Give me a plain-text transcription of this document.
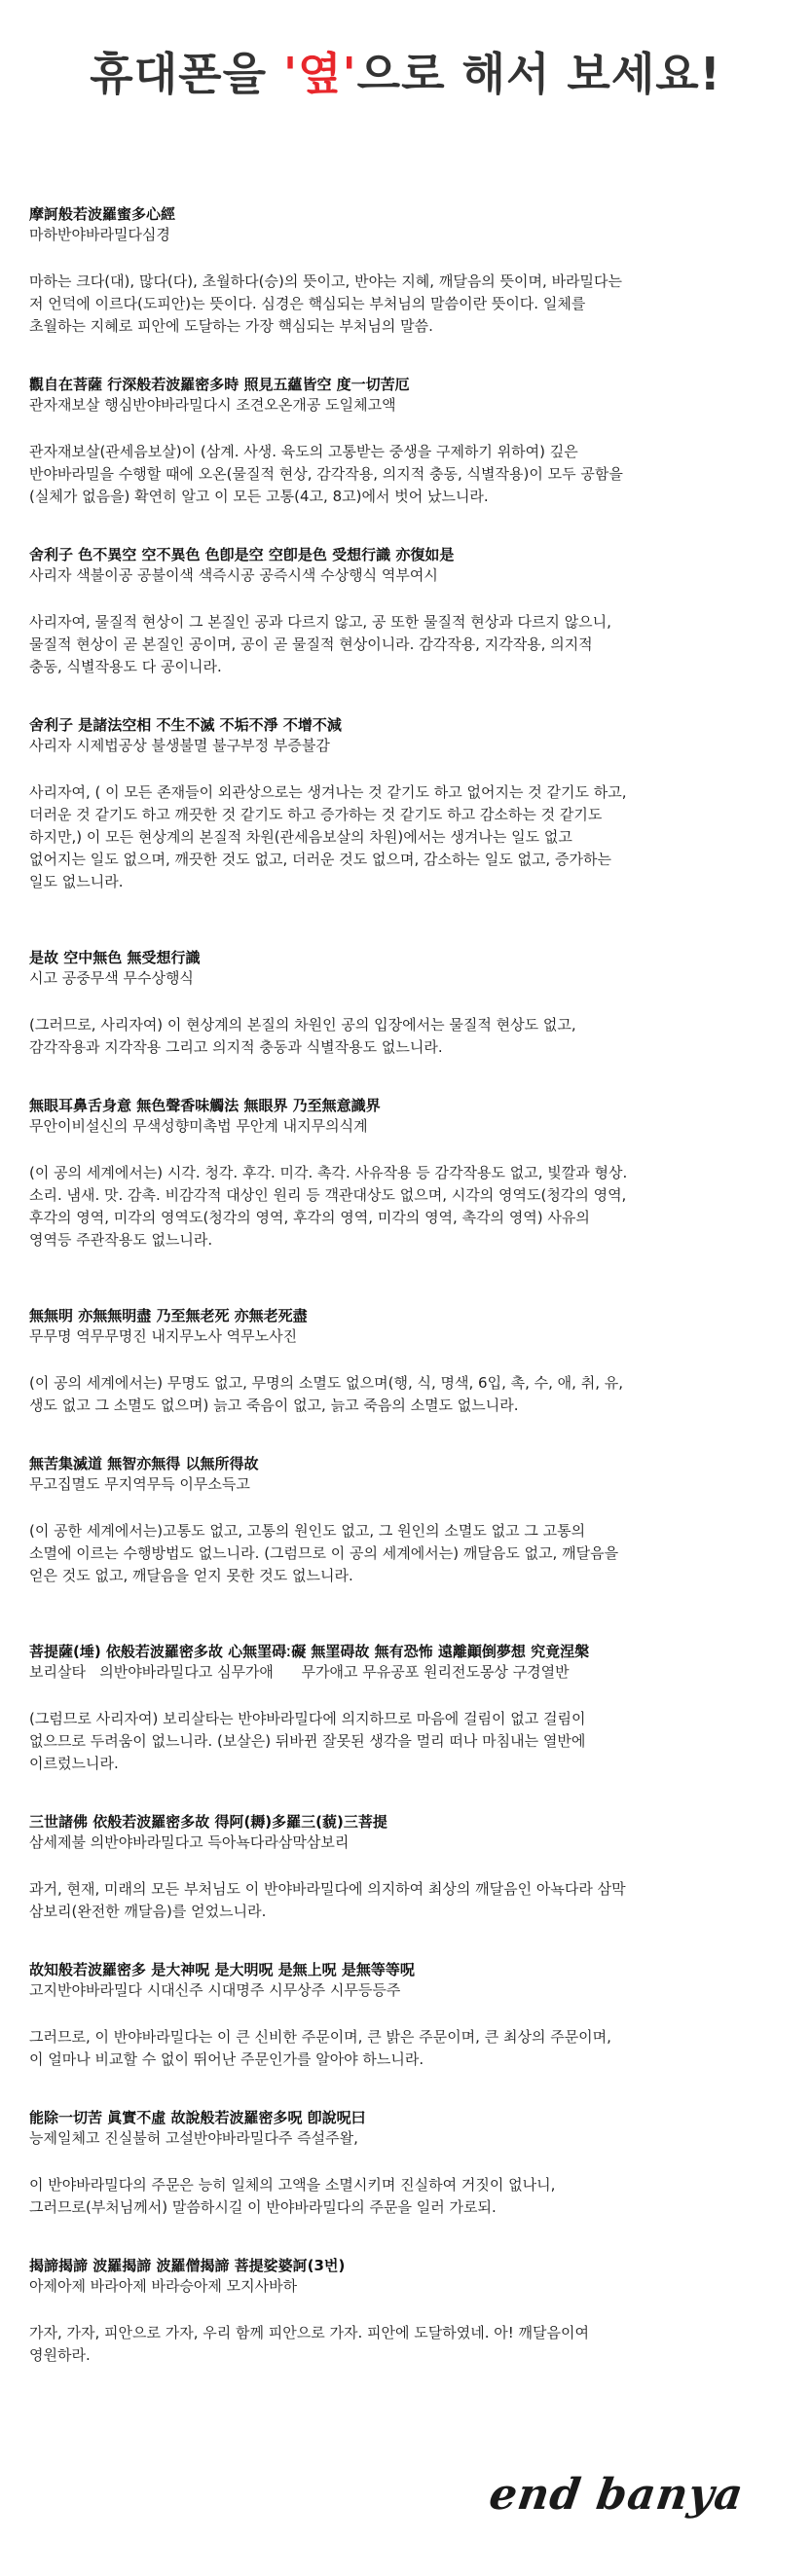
휴대폰을 '옆'으로 해서 보세요!
摩訶般若波羅蜜多心經
마하반야바라밀다심경

마하는 크다(대), 많다(다), 초월하다(승)의 뜻이고, 반야는 지혜, 깨달음의 뜻이며, 바라밀다는

저 언덕에 이르다(도피안)는 뜻이다. 심경은 핵심되는 부처님의 말씀이란 뜻이다. 일체를

초월하는 지혜로 피안에 도달하는 가장 핵심되는 부처님의 말씀.

觀自在菩薩 行深般若波羅密多時 照見五蘊皆空 度一切苦厄
관자재보살 행심반야바라밀다시 조견오온개공 도일체고액

관자재보살(관세음보살)이 (삼계. 사생. 육도의 고통받는 중생을 구제하기 위하여) 깊은

반야바라밀을 수행할 때에 오온(물질적 현상, 감각작용, 의지적 충동, 식별작용)이 모두 공함을

(실체가 없음을) 확연히 알고 이 모든 고통(4고, 8고)에서 벗어 났느니라.

舍利子 色不異空 空不異色 色卽是空 空卽是色 受想行識 亦復如是
사리자 색불이공 공불이색 색즉시공 공즉시색 수상행식 역부여시

사리자여, 물질적 현상이 그 본질인 공과 다르지 않고, 공 또한 물질적 현상과 다르지 않으니,

물질적 현상이 곧 본질인 공이며, 공이 곧 물질적 현상이니라. 감각작용, 지각작용, 의지적

충동, 식별작용도 다 공이니라.

舍利子 是諸法空相 不生不滅 不垢不淨 不增不減
사리자 시제법공상 불생불멸 불구부정 부증불감

사리자여, ( 이 모든 존재들이 외관상으로는 생겨나는 것 같기도 하고 없어지는 것 같기도 하고,

더러운 것 같기도 하고 깨끗한 것 같기도 하고 증가하는 것 같기도 하고 감소하는 것 같기도

하지만,) 이 모든 현상계의 본질적 차원(관세음보살의 차원)에서는 생겨나는 일도 없고

없어지는 일도 없으며, 깨끗한 것도 없고, 더러운 것도 없으며, 감소하는 일도 없고, 증가하는

일도 없느니라.

是故 空中無色 無受想行識
시고 공중무색 무수상행식

(그러므로, 사리자여) 이 현상계의 본질의 차원인 공의 입장에서는 물질적 현상도 없고,

감각작용과 지각작용 그리고 의지적 충동과 식별작용도 없느니라.

無眼耳鼻舌身意 無色聲香味觸法 無眼界 乃至無意識界
무안이비설신의 무색성향미촉법 무안계 내지무의식계

(이 공의 세계에서는) 시각. 청각. 후각. 미각. 촉각. 사유작용 등 감각작용도 없고, 빛깔과 형상.

소리. 냄새. 맛. 감촉. 비감각적 대상인 원리 등 객관대상도 없으며, 시각의 영역도(청각의 영역,

후각의 영역, 미각의 영역도(청각의 영역, 후각의 영역, 미각의 영역, 촉각의 영역) 사유의

영역등 주관작용도 없느니라.

無無明 亦無無明盡 乃至無老死 亦無老死盡
무무명 역무무명진 내지무노사 역무노사진

(이 공의 세계에서는) 무명도 없고, 무명의 소멸도 없으며(행, 식, 명색, 6입, 촉, 수, 애, 취, 유,

생도 없고 그 소멸도 없으며) 늙고 죽음이 없고, 늙고 죽음의 소멸도 없느니라.

無苦集滅道 無智亦無得 以無所得故
무고집멸도 무지역무득 이무소득고

(이 공한 세계에서는)고통도 없고, 고통의 원인도 없고, 그 원인의 소멸도 없고 그 고통의

소멸에 이르는 수행방법도 없느니라. (그럼므로 이 공의 세계에서는) 깨달음도 없고, 깨달음을

얻은 것도 없고, 깨달음을 얻지 못한 것도 없느니라.

菩提薩(埵) 依般若波羅密多故 心無罣碍ː礙 無罣碍故 無有恐怖 遠離顚倒夢想 究竟涅槃
보리살타   의반야바라밀다고 심무가애      무가애고 무유공포 원리전도몽상 구경열반

(그럼므로 사리자여) 보리살타는 반야바라밀다에 의지하므로 마음에 걸림이 없고 걸림이

없으므로 두려움이 없느니라. (보살은) 뒤바뀐 잘못된 생각을 멀리 떠나 마침내는 열반에

이르렀느니라.

三世諸佛 依般若波羅密多故 得阿(耨)多羅三(藐)三菩提
삼세제불 의반야바라밀다고 득아뇩다라삼막삼보리

과거, 현재, 미래의 모든 부처님도 이 반야바라밀다에 의지하여 최상의 깨달음인 아뇩다라 삼막

삼보리(완전한 깨달음)를 얻었느니라.

故知般若波羅密多 是大神呪 是大明呪 是無上呪 是無等等呪
고지반야바라밀다 시대신주 시대명주 시무상주 시무등등주

그러므로, 이 반야바라밀다는 이 큰 신비한 주문이며, 큰 밝은 주문이며, 큰 최상의 주문이며,

이 얼마나 비교할 수 없이 뛰어난 주문인가를 알아야 하느니라.

能除一切苦 眞實不虛 故說般若波羅密多呪 卽說呪曰
능제일체고 진실불허 고설반야바라밀다주 즉설주왈,

이 반야바라밀다의 주문은 능히 일체의 고액을 소멸시키며 진실하여 거짓이 없나니,

그러므로(부처님께서) 말씀하시길 이 반야바라밀다의 주문을 일러 가로되.

揭諦揭諦 波羅揭諦 波羅僧揭諦 菩提娑婆訶(3번)
아제아제 바라아제 바라승아제 모지사바하

가자, 가자, 피안으로 가자, 우리 함께 피안으로 가자. 피안에 도달하였네. 아! 깨달음이여

영원하라.

end banya
